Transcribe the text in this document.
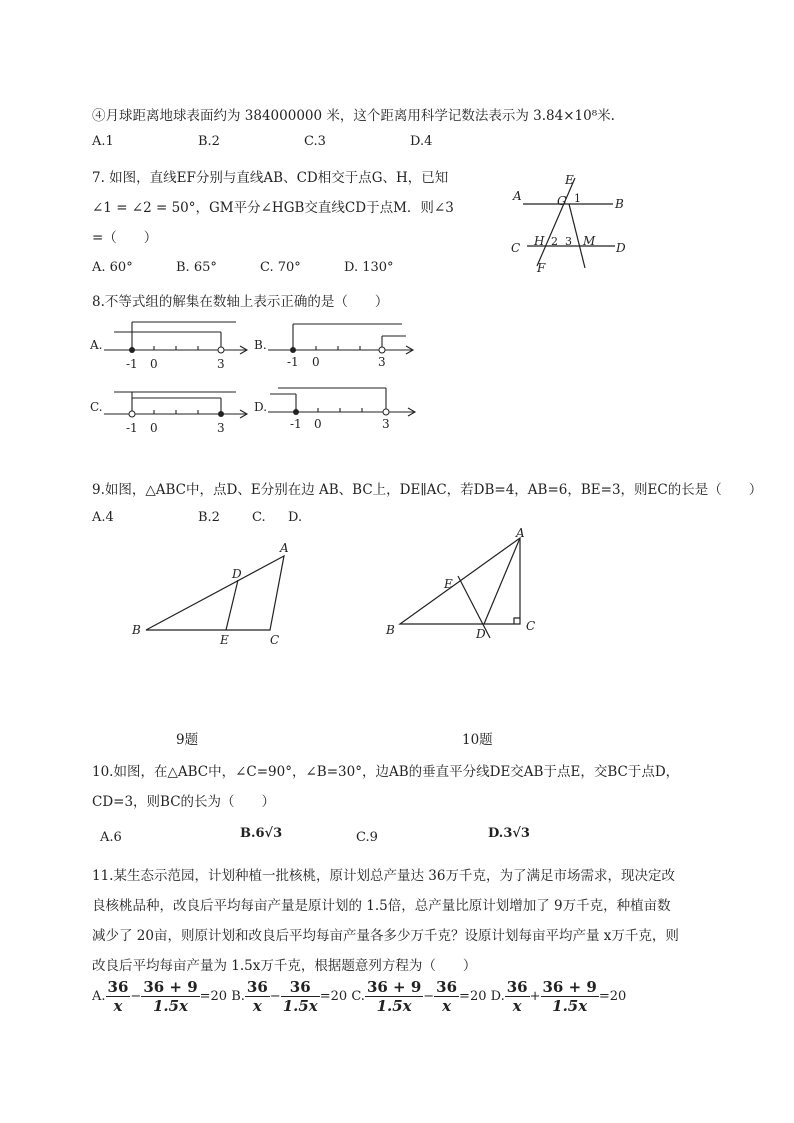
④月球距离地球表面约为 384000000 米，这个距离用科学记数法表示为 3.84×10⁸米.
A.1	B.2	C.3	D.4
7. 如图，直线EF分别与直线AB、CD相交于点G、H，已知
∠1 = ∠2 = 50°，GM平分∠HGB交直线CD于点M．则∠3
=（　　）
A. 60°	B. 65°	C. 70°	D. 130°
A
B
C	D
E
F
G
H	M
1
2 3
8.不等式组的解集在数轴上表示正确的是（　　）
A.	B.
C.	D.
-1 0	3	-1 0	3
-1 0	3	-1 0	3
9.如图，△ABC中，点D、E分别在边 AB、BC上，DE∥AC，若DB=4，AB=6，BE=3，则EC的长是（　　）
A.4	B.2 C. D.
A
B
C
D
E
A
B	C
D
E
9题	10题
10.如图，在△ABC中，∠C=90°，∠B=30°，边AB的垂直平分线DE交AB于点E，交BC于点D，
CD=3，则BC的长为（　　）
A.6	B.6√3	C.9	D.3√3
11.某生态示范园，计划种植一批核桃，原计划总产量达 36万千克，为了满足市场需求，现决定改
良核桃品种，改良后平均每亩产量是原计划的 1.5倍，总产量比原计划增加了 9万千克，种植亩数
减少了 20亩，则原计划和改良后平均每亩产量各多少万千克？设原计划每亩平均产量 x万千克，则
改良后平均每亩产量为 1.5x万千克，根据题意列方程为（　　）
A. $\frac{36}{x} - \frac{36 + 9}{1.5x} =20$ B. $\frac{36}{x} - \frac{36}{1.5x} =20$ C. $\frac{36 + 9}{1.5x} - \frac{36}{x} =20$ D. $\frac{36}{x} + \frac{36 + 9}{1.5x} =20$
